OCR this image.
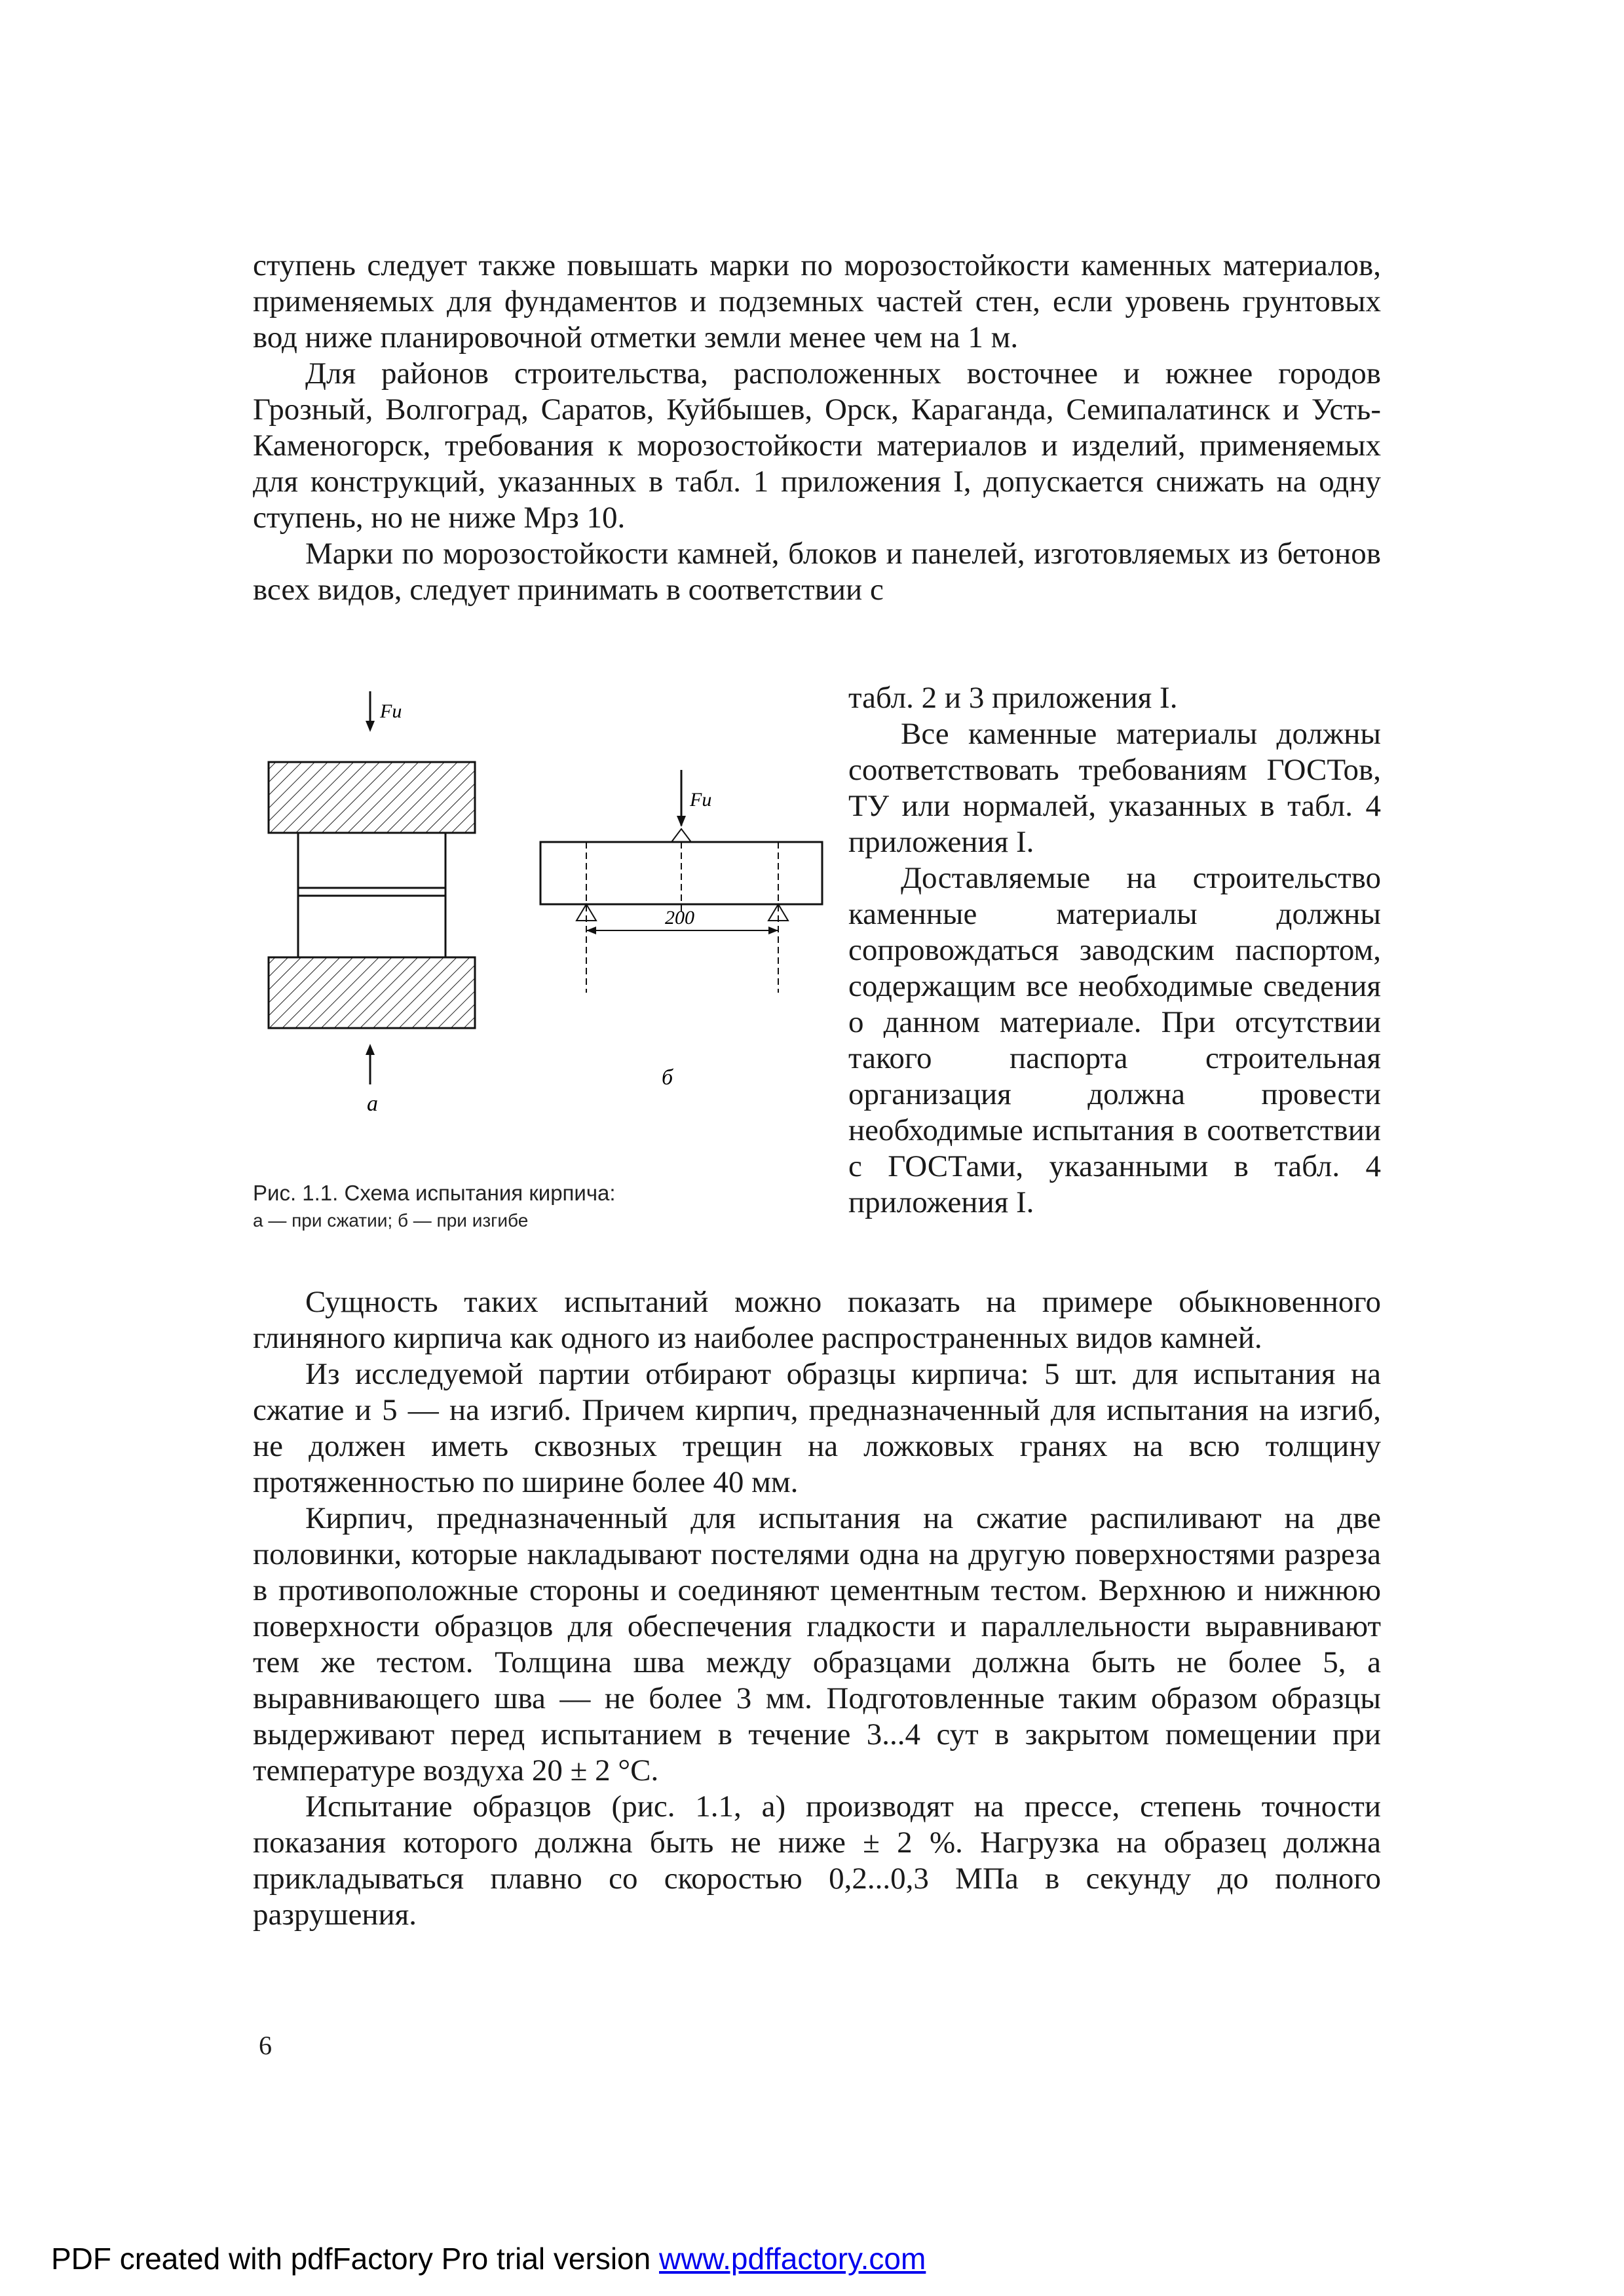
ступень следует также повышать марки по морозостойкости каменных материалов, применяемых для фундаментов и подземных частей стен, если уровень грунтовых вод ниже планировочной отметки земли менее чем на 1 м.

Для районов строительства, расположенных восточнее и южнее городов Грозный, Волгоград, Саратов, Куйбышев, Орск, Караганда, Семипалатинск и Усть-Каменогорск, требования к морозостойкости материалов и изделий, применяемых для конструкций, указанных в табл. 1 приложения I, допускается снижать на одну ступень, но не ниже Мрз 10.

Марки по морозостойкости камней, блоков и панелей, изготовляемых из бетонов всех видов, следует принимать в соответствии с

Fu
а
Fu
200
б
Рис. 1.1. Схема испытания кирпича:
а — при сжатии; б — при изгибе

табл. 2 и 3 приложения I.

Все каменные материалы должны соответствовать требованиям ГОСТов, ТУ или нормалей, указанных в табл. 4 приложения I.

Доставляемые на строительство каменные материалы должны сопровождаться заводским паспортом, содержащим все необходимые сведения о данном материале. При отсутствии такого паспорта строительная организация должна провести необходимые испытания в соответствии с ГОСТами, указанными в табл. 4 приложения I.

Сущность таких испытаний можно показать на примере обыкновенного глиняного кирпича как одного из наиболее распространенных видов камней.

Из исследуемой партии отбирают образцы кирпича: 5 шт. для испытания на сжатие и 5 — на изгиб. Причем кирпич, предназначенный для испытания на изгиб, не должен иметь сквозных трещин на ложковых гранях на всю толщину протяженностью по ширине более 40 мм.

Кирпич, предназначенный для испытания на сжатие распиливают на две половинки, которые накладывают постелями одна на другую поверхностями разреза в противоположные стороны и соединяют цементным тестом. Верхнюю и нижнюю поверхности образцов для обеспечения гладкости и параллельности выравнивают тем же тестом. Толщина шва между образцами должна быть не более 5, а выравнивающего шва — не более 3 мм. Подготовленные таким образом образцы выдерживают перед испытанием в течение 3...4 сут в закрытом помещении при температуре воздуха 20 ± 2 °С.

Испытание образцов (рис. 1.1, а) производят на прессе, степень точности показания которого должна быть не ниже ± 2 %. Нагрузка на образец должна прикладываться плавно со скоростью 0,2...0,3 МПа в секунду до полного разрушения.

6
PDF created with pdfFactory Pro trial version www.pdffactory.com
